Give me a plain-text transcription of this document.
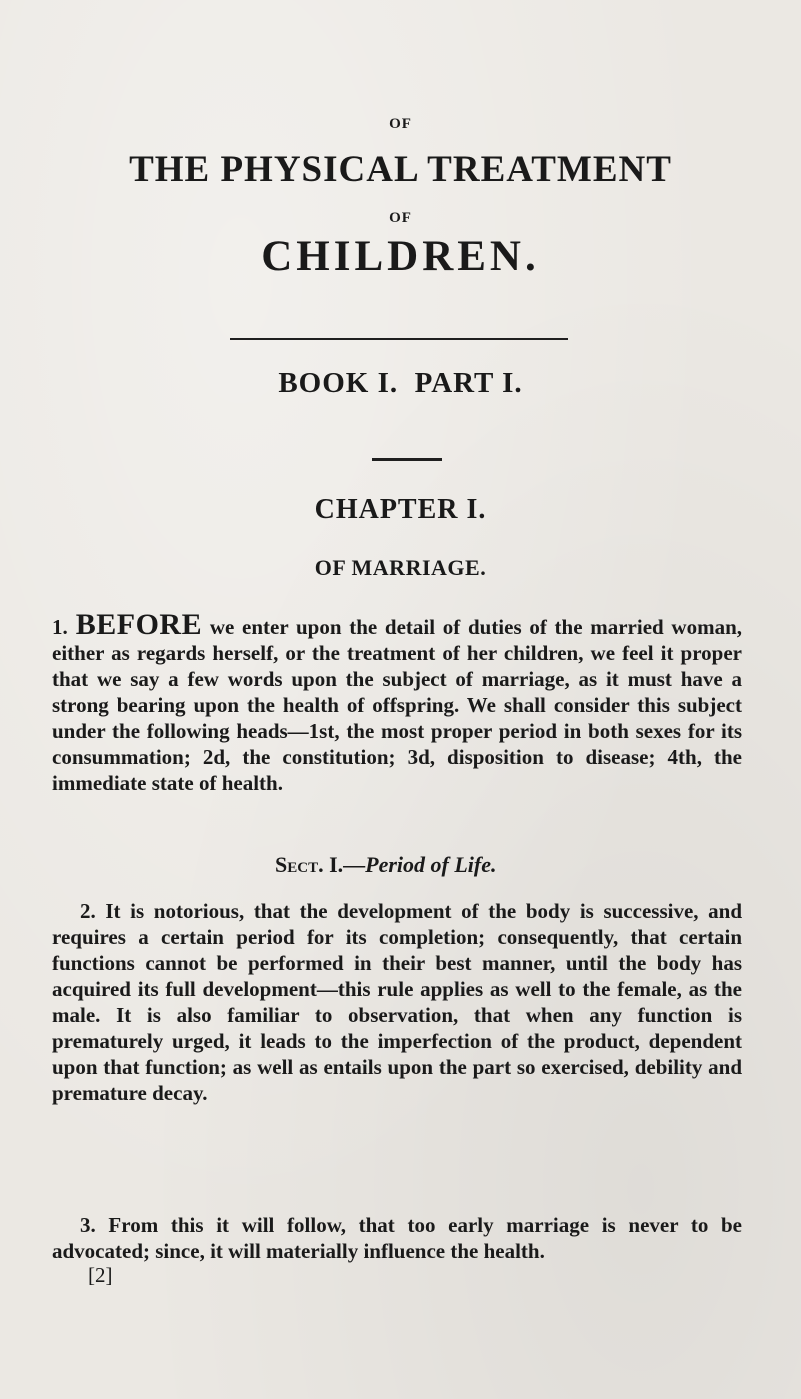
OF
THE PHYSICAL TREATMENT
OF
CHILDREN.
BOOK I.  PART I.
CHAPTER I.
OF MARRIAGE.
1. BEFORE we enter upon the detail of duties of the married woman, either as regards herself, or the treatment of her children, we feel it proper that we say a few words upon the subject of marriage, as it must have a strong bearing upon the health of offspring. We shall consider this subject under the following heads—1st, the most proper period in both sexes for its consummation; 2d, the constitution; 3d, disposition to disease; 4th, the immediate state of health.
Sect. I.—Period of Life.
2. It is notorious, that the development of the body is successive, and requires a certain period for its completion; consequently, that certain functions cannot be performed in their best manner, until the body has acquired its full development—this rule applies as well to the female, as the male. It is also familiar to observation, that when any function is prematurely urged, it leads to the imperfection of the product, dependent upon that function; as well as entails upon the part so exercised, debility and premature decay.
3. From this it will follow, that too early marriage is never to be advocated; since, it will materially influence the health.
[2]
